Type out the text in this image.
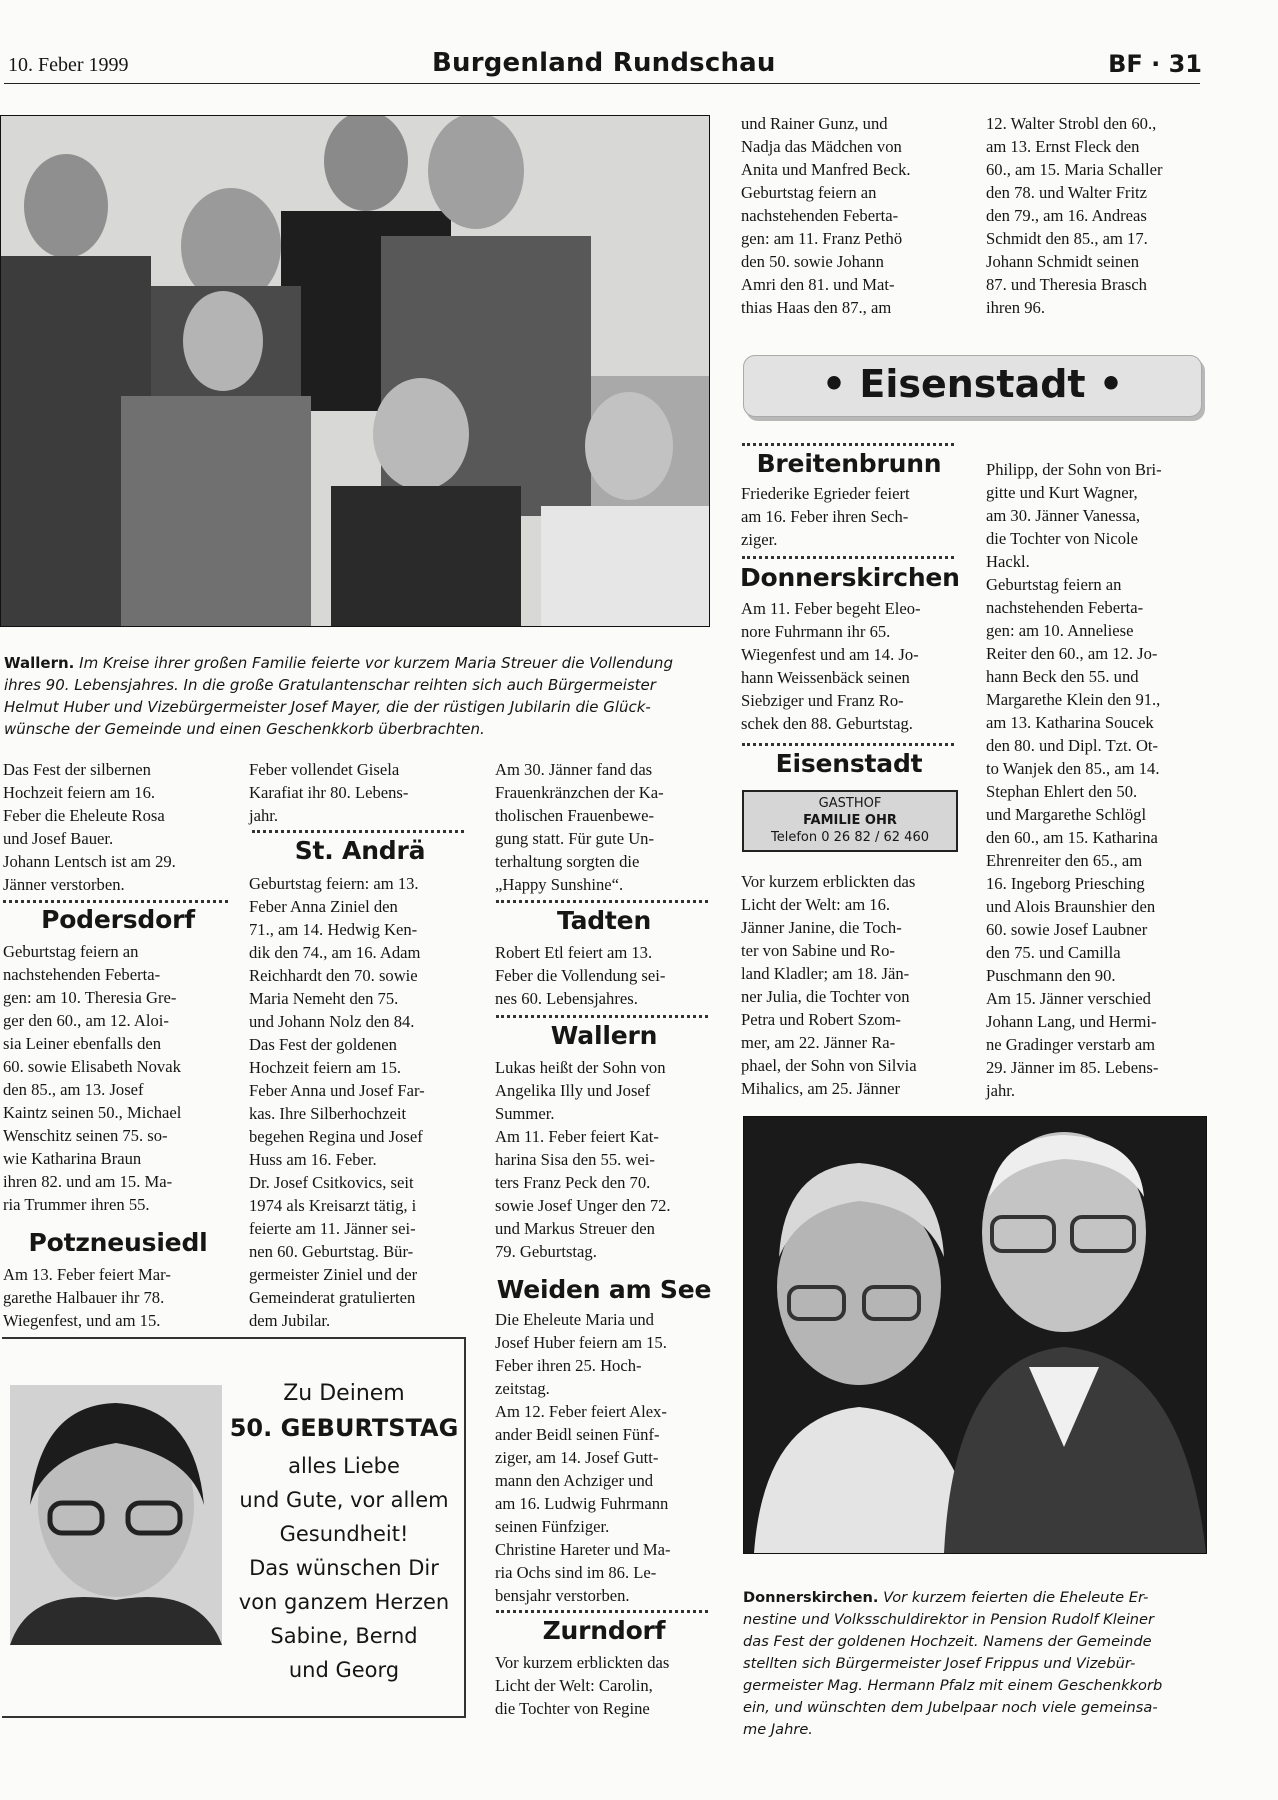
10. Feber 1999	Burgenland Rundschau	BF · 31

Wallern. Im Kreise ihrer großen Familie feierte vor kurzem Maria Streuer die Vollendung
ihres 90. Lebensjahres. In die große Gratulantenschar reihten sich auch Bürgermeister
Helmut Huber und Vizebürgermeister Josef Mayer, die der rüstigen Jubilarin die Glück-
wünsche der Gemeinde und einen Geschenkkorb überbrachten.

Das Fest der silbernen
Hochzeit feiern am 16.
Feber die Eheleute Rosa
und Josef Bauer.
Johann Lentsch ist am 29.
Jänner verstorben.

Podersdorf

Geburtstag feiern an
nachstehenden Feberta-
gen: am 10. Theresia Gre-
ger den 60., am 12. Aloi-
sia Leiner ebenfalls den
60. sowie Elisabeth Novak
den 85., am 13. Josef
Kaintz seinen 50., Michael
Wenschitz seinen 75. so-
wie Katharina Braun
ihren 82. und am 15. Ma-
ria Trummer ihren 55.

Potzneusiedl

Am 13. Feber feiert Mar-
garethe Halbauer ihr 78.
Wiegenfest, und am 15.

Feber vollendet Gisela
Karafiat ihr 80. Lebens-
jahr.

St. Andrä

Geburtstag feiern: am 13.
Feber Anna Ziniel den
71., am 14. Hedwig Ken-
dik den 74., am 16. Adam
Reichhardt den 70. sowie
Maria Nemeht den 75.
und Johann Nolz den 84.
Das Fest der goldenen
Hochzeit feiern am 15.
Feber Anna und Josef Far-
kas. Ihre Silberhochzeit
begehen Regina und Josef
Huss am 16. Feber.
Dr. Josef Csitkovics, seit
1974 als Kreisarzt tätig, i
feierte am 11. Jänner sei-
nen 60. Geburtstag. Bür-
germeister Ziniel und der
Gemeinderat gratulierten
dem Jubilar.

Am 30. Jänner fand das
Frauenkränzchen der Ka-
tholischen Frauenbewe-
gung statt. Für gute Un-
terhaltung sorgten die
„Happy Sunshine“.

Tadten

Robert Etl feiert am 13.
Feber die Vollendung sei-
nes 60. Lebensjahres.

Wallern

Lukas heißt der Sohn von
Angelika Illy und Josef
Summer.
Am 11. Feber feiert Kat-
harina Sisa den 55. wei-
ters Franz Peck den 70.
sowie Josef Unger den 72.
und Markus Streuer den
79. Geburtstag.

Weiden am See

Die Eheleute Maria und
Josef Huber feiern am 15.
Feber ihren 25. Hoch-
zeitstag.
Am 12. Feber feiert Alex-
ander Beidl seinen Fünf-
ziger, am 14. Josef Gutt-
mann den Achziger und
am 16. Ludwig Fuhrmann
seinen Fünfziger.
Christine Hareter und Ma-
ria Ochs sind im 86. Le-
bensjahr verstorben.

Zurndorf

Vor kurzem erblickten das
Licht der Welt: Carolin,
die Tochter von Regine

Zu Deinem
50. GEBURTSTAG
alles Liebe
und Gute, vor allem
Gesundheit!
Das wünschen Dir
von ganzem Herzen
Sabine, Bernd
und Georg

und Rainer Gunz, und
Nadja das Mädchen von
Anita und Manfred Beck.
Geburtstag feiern an
nachstehenden Feberta-
gen: am 11. Franz Pethö
den 50. sowie Johann
Amri den 81. und Mat-
thias Haas den 87., am

12. Walter Strobl den 60.,
am 13. Ernst Fleck den
60., am 15. Maria Schaller
den 78. und Walter Fritz
den 79., am 16. Andreas
Schmidt den 85., am 17.
Johann Schmidt seinen
87. und Theresia Brasch
ihren 96.

• Eisenstadt •
Breitenbrunn

Friederike Egrieder feiert
am 16. Feber ihren Sech-
ziger.

Donnerskirchen

Am 11. Feber begeht Eleo-
nore Fuhrmann ihr 65.
Wiegenfest und am 14. Jo-
hann Weissenbäck seinen
Siebziger und Franz Ro-
schek den 88. Geburtstag.

Eisenstadt
GASTHOF
FAMILIE OHR
Telefon 0 26 82 / 62 460

Vor kurzem erblickten das
Licht der Welt: am 16.
Jänner Janine, die Toch-
ter von Sabine und Ro-
land Kladler; am 18. Jän-
ner Julia, die Tochter von
Petra und Robert Szom-
mer, am 22. Jänner Ra-
phael, der Sohn von Silvia
Mihalics, am 25. Jänner

Philipp, der Sohn von Bri-
gitte und Kurt Wagner,
am 30. Jänner Vanessa,
die Tochter von Nicole
Hackl.
Geburtstag feiern an
nachstehenden Feberta-
gen: am 10. Anneliese
Reiter den 60., am 12. Jo-
hann Beck den 55. und
Margarethe Klein den 91.,
am 13. Katharina Soucek
den 80. und Dipl. Tzt. Ot-
to Wanjek den 85., am 14.
Stephan Ehlert den 50.
und Margarethe Schlögl
den 60., am 15. Katharina
Ehrenreiter den 65., am
16. Ingeborg Priesching
und Alois Braunshier den
60. sowie Josef Laubner
den 75. und Camilla
Puschmann den 90.
Am 15. Jänner verschied
Johann Lang, und Hermi-
ne Gradinger verstarb am
29. Jänner im 85. Lebens-
jahr.

Donnerskirchen. Vor kurzem feierten die Eheleute Er-
nestine und Volksschuldirektor in Pension Rudolf Kleiner
das Fest der goldenen Hochzeit. Namens der Gemeinde
stellten sich Bürgermeister Josef Frippus und Vizebür-
germeister Mag. Hermann Pfalz mit einem Geschenkkorb
ein, und wünschten dem Jubelpaar noch viele gemeinsa-
me Jahre.
